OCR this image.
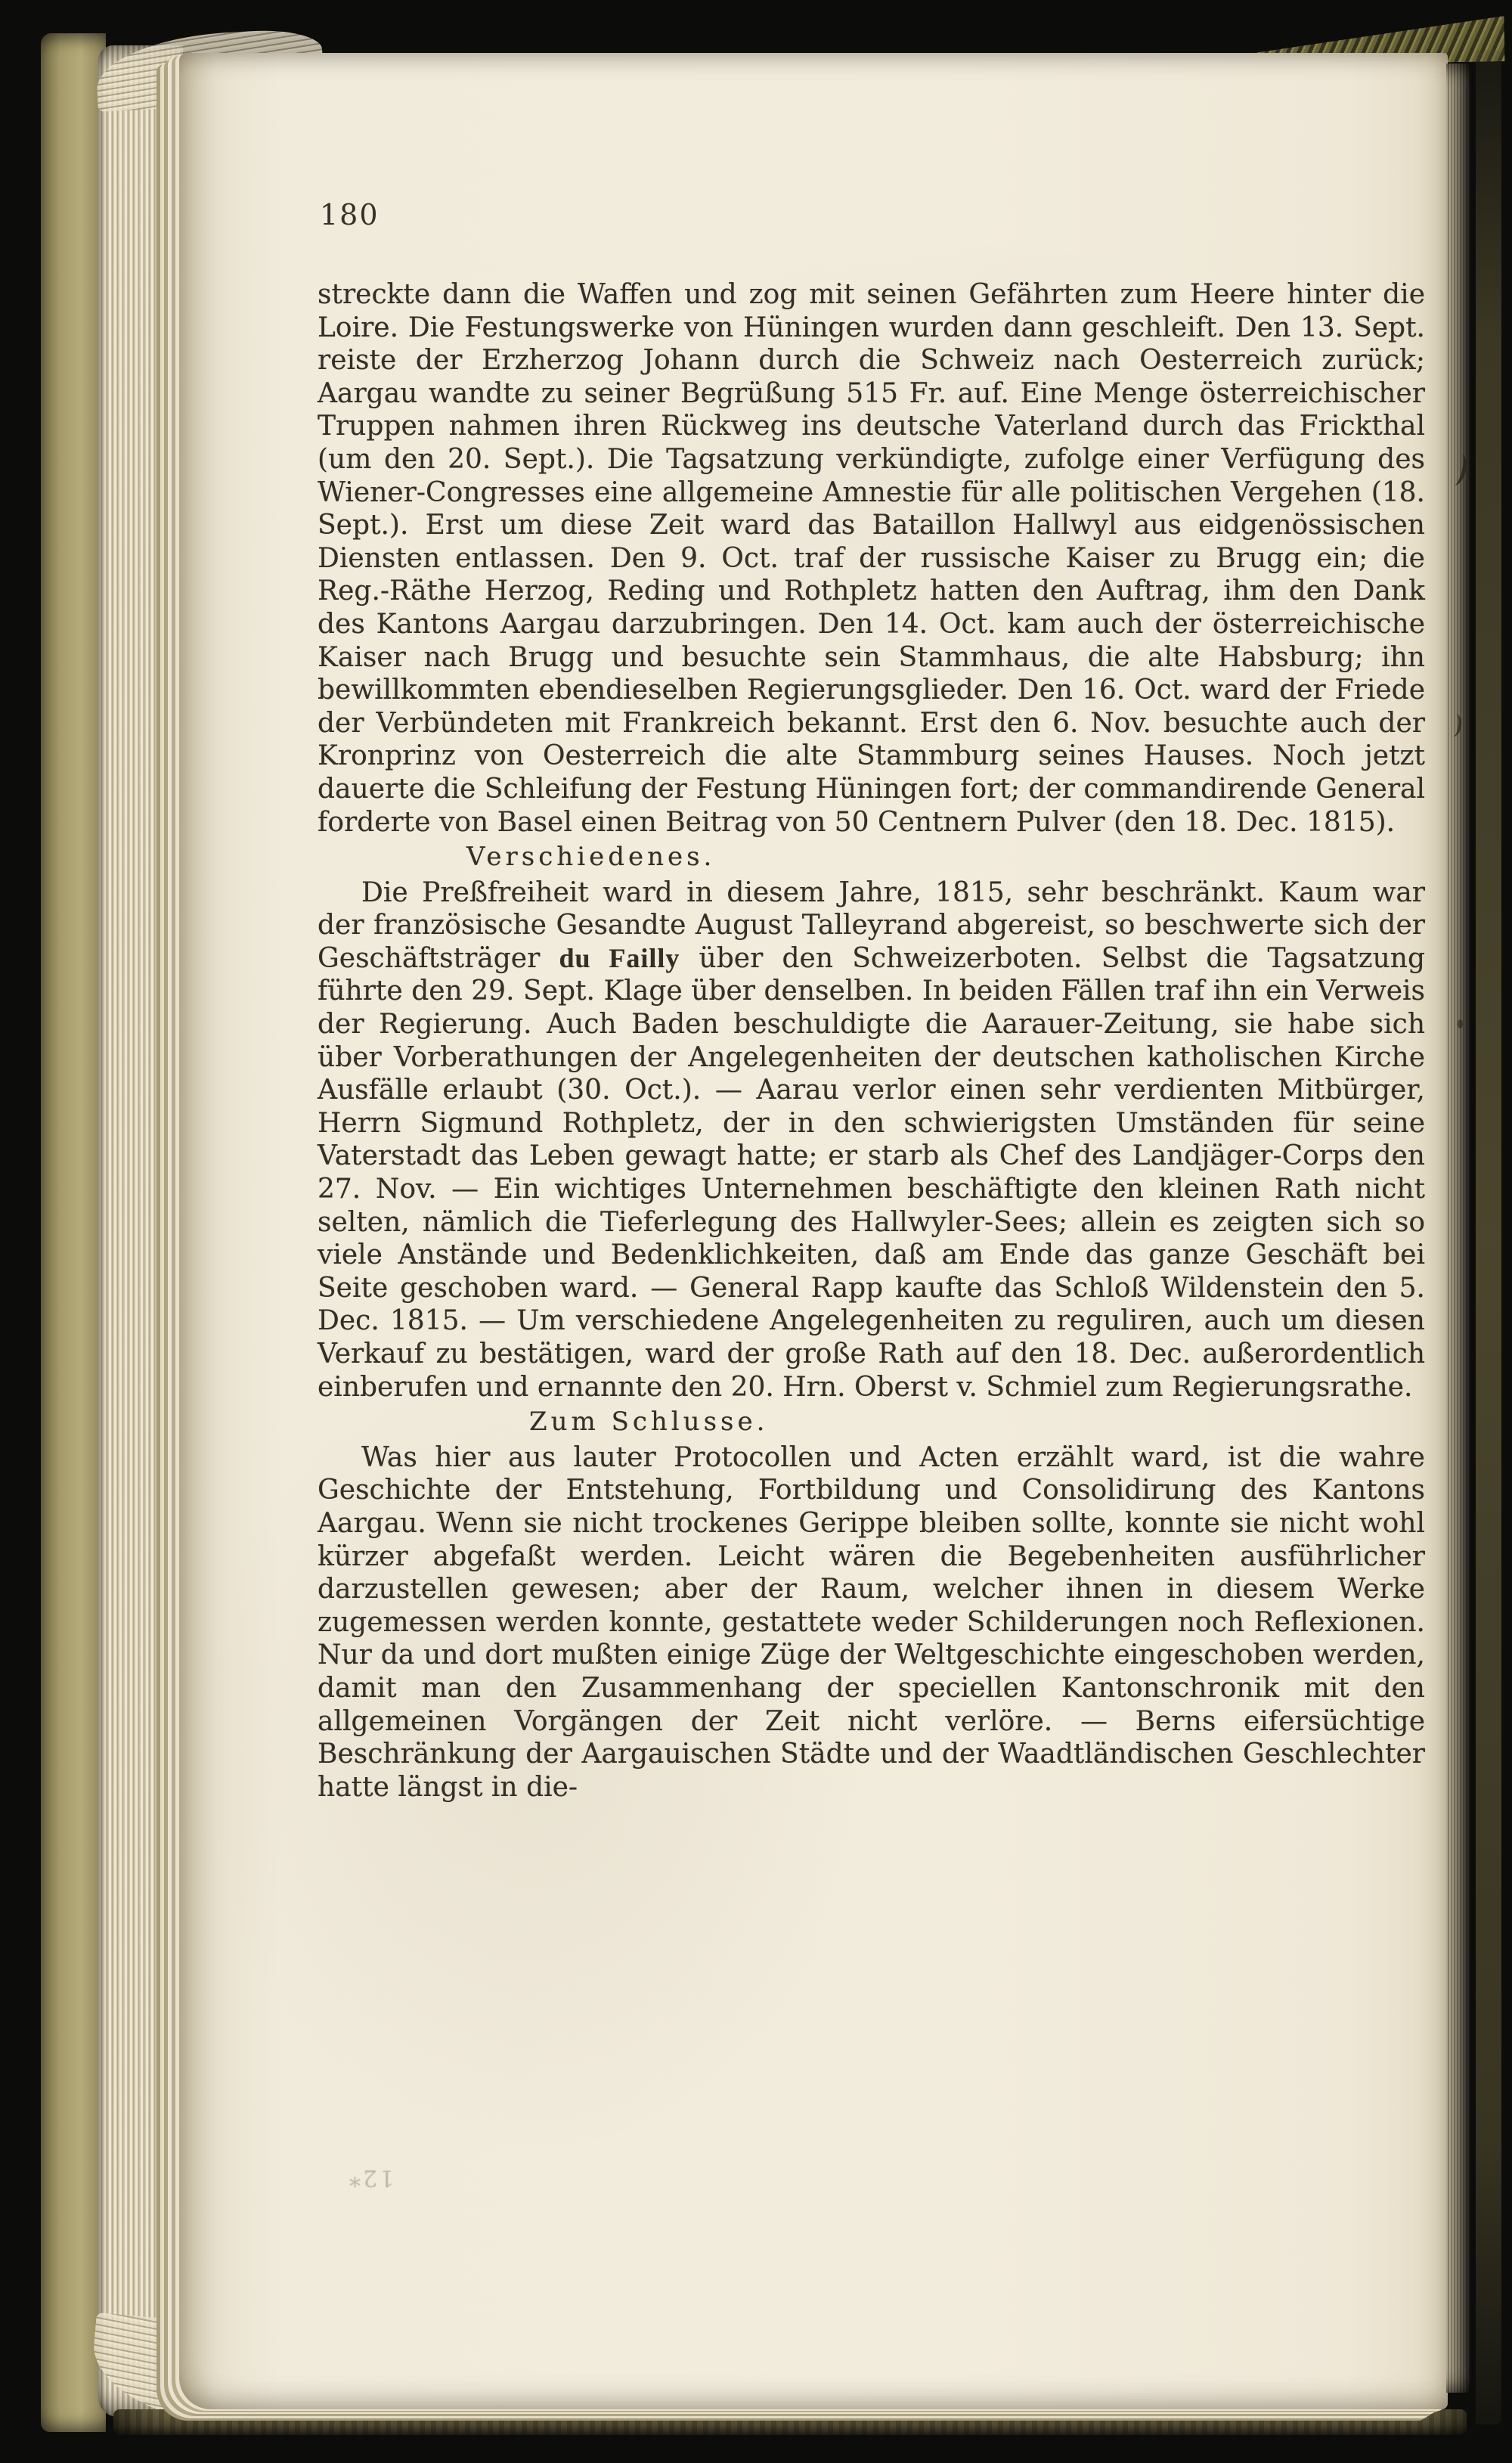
180

streckte dann die Waffen und zog mit seinen Gefährten zum Heere hinter die Loire. Die Festungswerke von Hüningen wurden dann geschleift. Den 13. Sept. reiste der Erzherzog Johann durch die Schweiz nach Oesterreich zurück; Aargau wandte zu seiner Begrüßung 515 Fr. auf. Eine Menge österreichischer Truppen nahmen ihren Rückweg ins deutsche Vaterland durch das Frickthal (um den 20. Sept.). Die Tagsatzung verkündigte, zufolge einer Verfügung des Wiener-Congresses eine allgemeine Amnestie für alle politischen Vergehen (18. Sept.). Erst um diese Zeit ward das Bataillon Hallwyl aus eidgenössischen Diensten entlassen. Den 9. Oct. traf der russische Kaiser zu Brugg ein; die Reg.-Räthe Herzog, Reding und Rothpletz hatten den Auftrag, ihm den Dank des Kantons Aargau darzubringen. Den 14. Oct. kam auch der österreichische Kaiser nach Brugg und besuchte sein Stammhaus, die alte Habsburg; ihn bewillkommten ebendieselben Regierungsglieder. Den 16. Oct. ward der Friede der Verbündeten mit Frankreich bekannt. Erst den 6. Nov. besuchte auch der Kronprinz von Oesterreich die alte Stammburg seines Hauses. Noch jetzt dauerte die Schleifung der Festung Hüningen fort; der commandirende General forderte von Basel einen Beitrag von 50 Centnern Pulver (den 18. Dec. 1815).

Verschiedenes.

Die Preßfreiheit ward in diesem Jahre, 1815, sehr beschränkt. Kaum war der französische Gesandte August Talleyrand abgereist, so beschwerte sich der Geschäftsträger du Failly über den Schweizerboten. Selbst die Tagsatzung führte den 29. Sept. Klage über denselben. In beiden Fällen traf ihn ein Verweis der Regierung. Auch Baden beschuldigte die Aarauer-Zeitung, sie habe sich über Vorberathungen der Angelegenheiten der deutschen katholischen Kirche Ausfälle erlaubt (30. Oct.). — Aarau verlor einen sehr verdienten Mitbürger, Herrn Sigmund Rothpletz, der in den schwierigsten Umständen für seine Vaterstadt das Leben gewagt hatte; er starb als Chef des Landjäger-Corps den 27. Nov. — Ein wichtiges Unternehmen beschäftigte den kleinen Rath nicht selten, nämlich die Tieferlegung des Hallwyler-Sees; allein es zeigten sich so viele Anstände und Bedenklichkeiten, daß am Ende das ganze Geschäft bei Seite geschoben ward. — General Rapp kaufte das Schloß Wildenstein den 5. Dec. 1815. — Um verschiedene Angelegenheiten zu reguliren, auch um diesen Verkauf zu bestätigen, ward der große Rath auf den 18. Dec. außerordentlich einberufen und ernannte den 20. Hrn. Oberst v. Schmiel zum Regierungsrathe.

Zum Schlusse.

Was hier aus lauter Protocollen und Acten erzählt ward, ist die wahre Geschichte der Entstehung, Fortbildung und Consolidirung des Kantons Aargau. Wenn sie nicht trockenes Gerippe bleiben sollte, konnte sie nicht wohl kürzer abgefaßt werden. Leicht wären die Begebenheiten ausführlicher darzustellen gewesen; aber der Raum, welcher ihnen in diesem Werke zugemessen werden konnte, gestattete weder Schilderungen noch Reflexionen. Nur da und dort mußten einige Züge der Weltgeschichte eingeschoben werden, damit man den Zusammenhang der speciellen Kantonschronik mit den allgemeinen Vorgängen der Zeit nicht verlöre. — Berns eifersüchtige Beschränkung der Aargauischen Städte und der Waadtländischen Geschlechter hatte längst in die-

12*
